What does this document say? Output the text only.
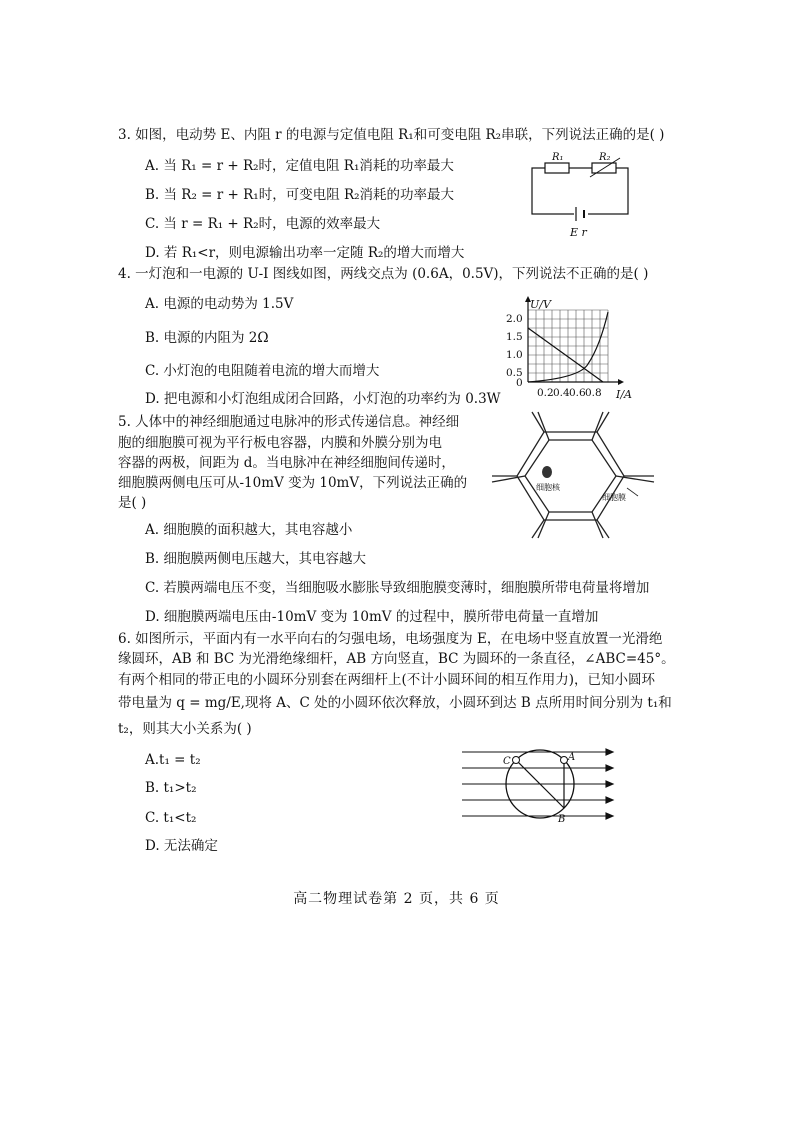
3. 如图，电动势 E、内阻 r 的电源与定值电阻 R₁和可变电阻 R₂串联，下列说法正确的是( )
A. 当 R₁ = r + R₂时，定值电阻 R₁消耗的功率最大
B. 当 R₂ = r + R₁时，可变电阻 R₂消耗的功率最大
C. 当 r = R₁ + R₂时，电源的效率最大
D. 若 R₁<r，则电源输出功率一定随 R₂的增大而增大
R₁	R₂
E r
4. 一灯泡和一电源的 U-I 图线如图，两线交点为 (0.6A，0.5V)，下列说法不正确的是( )
A. 电源的电动势为 1.5V
B. 电源的内阻为 2Ω
C. 小灯泡的电阻随着电流的增大而增大
D. 把电源和小灯泡组成闭合回路，小灯泡的功率约为 0.3W
U/V
I/A
2.0
1.5
1.0
0.5
0
0.2 0.4 0.6 0.8
5. 人体中的神经细胞通过电脉冲的形式传递信息。神经细
胞的细胞膜可视为平行板电容器，内膜和外膜分别为电
容器的两极，间距为 d。当电脉冲在神经细胞间传递时，
细胞膜两侧电压可从-10mV 变为 10mV，下列说法正确的
是( )
A. 细胞膜的面积越大，其电容越小
B. 细胞膜两侧电压越大，其电容越大
C. 若膜两端电压不变，当细胞吸水膨胀导致细胞膜变薄时，细胞膜所带电荷量将增加
D. 细胞膜两端电压由-10mV 变为 10mV 的过程中，膜所带电荷量一直增加
细胞核
细胞膜
6. 如图所示，平面内有一水平向右的匀强电场，电场强度为 E，在电场中竖直放置一光滑绝
缘圆环，AB 和 BC 为光滑绝缘细杆，AB 方向竖直，BC 为圆环的一条直径，∠ABC=45°。
有两个相同的带正电的小圆环分别套在两细杆上(不计小圆环间的相互作用力)，已知小圆环
带电量为 q = mg/E,现将 A、C 处的小圆环依次释放，小圆环到达 B 点所用时间分别为 t₁和
t₂，则其大小关系为( )
A.t₁ = t₂
B. t₁>t₂
C. t₁<t₂
D. 无法确定
C	A
B
高二物理试卷第 2 页，共 6 页
